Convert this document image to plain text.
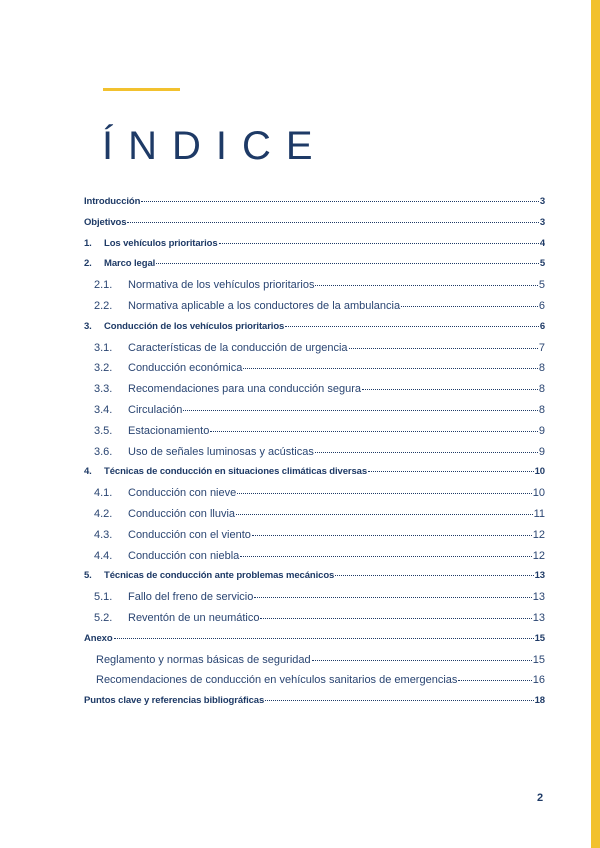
ÍNDICE
Introducción	3
Objetivos	3
1.	Los vehículos prioritarios	4
2.	Marco legal	5
2.1.	Normativa de los vehículos prioritarios	5
2.2.	Normativa aplicable a los conductores de la ambulancia	6
3.	Conducción de los vehículos prioritarios	6
3.1.	Características de la conducción de urgencia	7
3.2.	Conducción económica	8
3.3.	Recomendaciones para una conducción segura	8
3.4.	Circulación	8
3.5.	Estacionamiento	9
3.6.	Uso de señales luminosas y acústicas	9
4.	Técnicas de conducción en situaciones climáticas diversas	10
4.1.	Conducción con nieve	10
4.2.	Conducción con lluvia	11
4.3.	Conducción con el viento	12
4.4.	Conducción con niebla	12
5.	Técnicas de conducción ante problemas mecánicos	13
5.1.	Fallo del freno de servicio	13
5.2.	Reventón de un neumático	13
Anexo	15
Reglamento y normas básicas de seguridad	15
Recomendaciones de conducción en vehículos sanitarios de emergencias	16
Puntos clave y referencias bibliográficas	18
2
